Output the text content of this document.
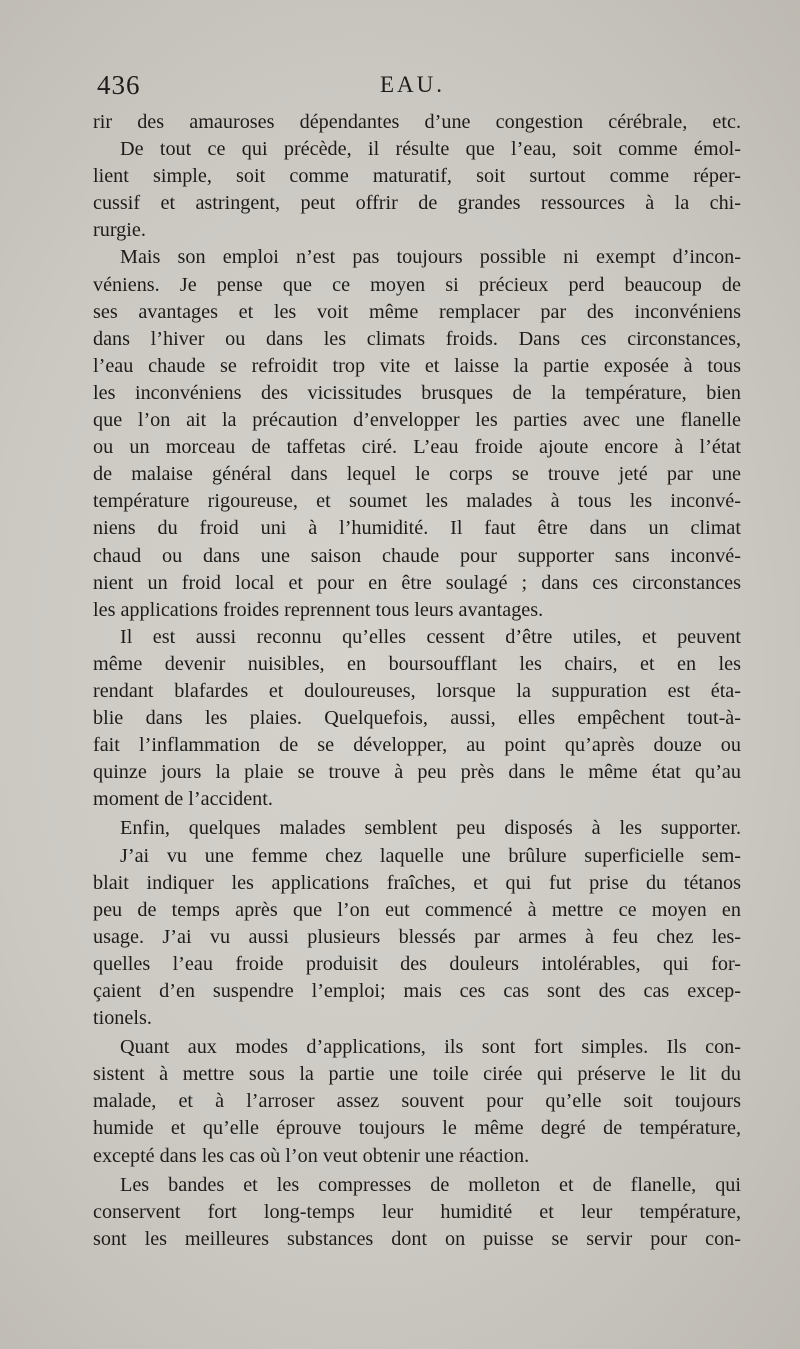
436	EAU.
rir des amauroses dépendantes d’une congestion cérébrale, etc.
De tout ce qui précède, il résulte que l’eau, soit comme émol-
lient simple, soit comme maturatif, soit surtout comme réper-
cussif et astringent, peut offrir de grandes ressources à la chi-
rurgie.
Mais son emploi n’est pas toujours possible ni exempt d’incon-
véniens. Je pense que ce moyen si précieux perd beaucoup de
ses avantages et les voit même remplacer par des inconvéniens
dans l’hiver ou dans les climats froids. Dans ces circonstances,
l’eau chaude se refroidit trop vite et laisse la partie exposée à tous
les inconvéniens des vicissitudes brusques de la température, bien
que l’on ait la précaution d’envelopper les parties avec une flanelle
ou un morceau de taffetas ciré. L’eau froide ajoute encore à l’état
de malaise général dans lequel le corps se trouve jeté par une
température rigoureuse, et soumet les malades à tous les inconvé-
niens du froid uni à l’humidité. Il faut être dans un climat
chaud ou dans une saison chaude pour supporter sans inconvé-
nient un froid local et pour en être soulagé ; dans ces circonstances
les applications froides reprennent tous leurs avantages.
Il est aussi reconnu qu’elles cessent d’être utiles, et peuvent
même devenir nuisibles, en boursoufflant les chairs, et en les
rendant blafardes et douloureuses, lorsque la suppuration est éta-
blie dans les plaies. Quelquefois, aussi, elles empêchent tout-à-
fait l’inflammation de se développer, au point qu’après douze ou
quinze jours la plaie se trouve à peu près dans le même état qu’au
moment de l’accident.
Enfin, quelques malades semblent peu disposés à les supporter.
J’ai vu une femme chez laquelle une brûlure superficielle sem-
blait indiquer les applications fraîches, et qui fut prise du tétanos
peu de temps après que l’on eut commencé à mettre ce moyen en
usage. J’ai vu aussi plusieurs blessés par armes à feu chez les-
quelles l’eau froide produisit des douleurs intolérables, qui for-
çaient d’en suspendre l’emploi; mais ces cas sont des cas excep-
tionels.
Quant aux modes d’applications, ils sont fort simples. Ils con-
sistent à mettre sous la partie une toile cirée qui préserve le lit du
malade, et à l’arroser assez souvent pour qu’elle soit toujours
humide et qu’elle éprouve toujours le même degré de température,
excepté dans les cas où l’on veut obtenir une réaction.
Les bandes et les compresses de molleton et de flanelle, qui
conservent fort long-temps leur humidité et leur température,
sont les meilleures substances dont on puisse se servir pour con-
